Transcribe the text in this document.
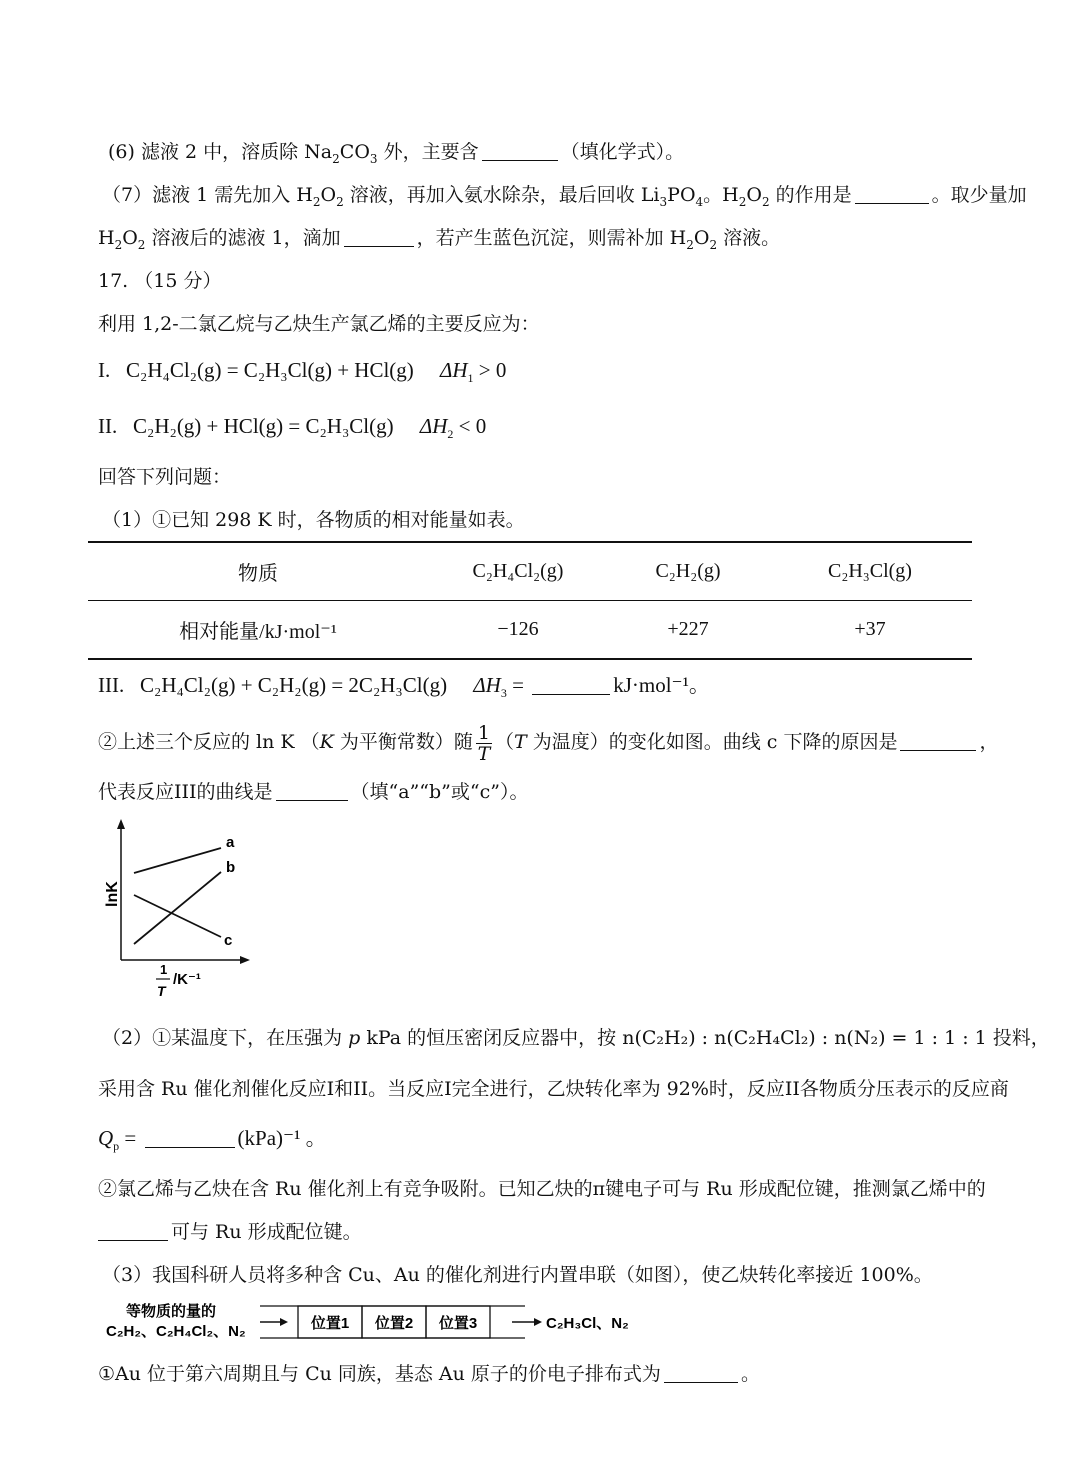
(6) 滤液 2 中，溶质除 $Na_2CO_3$ 外，主要含	（填化学式）。
（7）滤液 1 需先加入 $H_2O_2$ 溶液，再加入氨水除杂，最后回收 $Li_3PO_4$。$H_2O_2$ 的作用是	。取少量加
$H_2O_2$ 溶液后的滤液 1，滴加	，若产生蓝色沉淀，则需补加 $H_2O_2$ 溶液。
17. （15 分）
利用 1,2-二氯乙烷与乙炔生产氯乙烯的主要反应为：
I. C₂H₄Cl₂(g) = C₂H₃Cl(g) + HCl(g) $\Delta H_1 > 0$
II. C₂H₂(g) + HCl(g) = C₂H₃Cl(g) $\Delta H_2 < 0$
回答下列问题：
（1）①已知 298 K 时，各物质的相对能量如表。
物质	C₂H₄Cl₂(g)	C₂H₂(g)	C₂H₃Cl(g)
相对能量/kJ·mol⁻¹	−126	+227	+37
III. C₂H₄Cl₂(g) + C₂H₂(g) = 2C₂H₃Cl(g) $\Delta H_3$ =	kJ·mol⁻¹。
②上述三个反应的 ln K （K 为平衡常数）随 $\frac{1}{T} (T$ 为温度）的变化如图。曲线 c 下降的原因是	，
代表反应III的曲线是	（填“a”“b”或“c”）。
a
b
c
lnK
1
T
/K⁻¹
（2）①某温度下，在压强为 p kPa 的恒压密闭反应器中，按 n(C₂H₂) : n(C₂H₄Cl₂) : n(N₂) = 1 : 1 : 1 投料，
采用含 Ru 催化剂催化反应I和II。当反应I完全进行，乙炔转化率为 92%时，反应II各物质分压表示的反应商
$Q_p$ =	(kPa)⁻¹ 。
②氯乙烯与乙炔在含 Ru 催化剂上有竞争吸附。已知乙炔的π键电子可与 Ru 形成配位键，推测氯乙烯中的
可与 Ru 形成配位键。
（3）我国科研人员将多种含 Cu、Au 的催化剂进行内置串联（如图），使乙炔转化率接近 100%。
等物质的量的
C₂H₂、C₂H₄Cl₂、N₂	位置1 位置2 位置3	C₂H₃Cl、N₂
①Au 位于第六周期且与 Cu 同族，基态 Au 原子的价电子排布式为	。
